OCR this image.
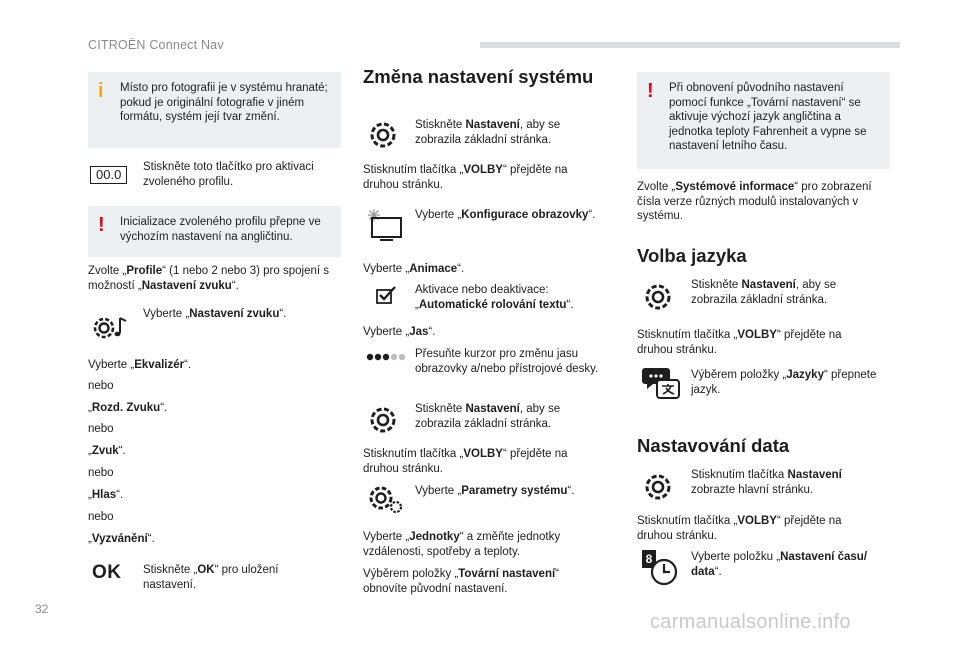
CITROËN Connect Nav
i Místo pro fotografii je v systému hranaté; pokud je originální fotografie v jiném formátu, systém její tvar změní.
00.0	Stiskněte toto tlačítko pro aktivaci zvoleného profilu.

! Inicializace zvoleného profilu přepne ve výchozím nastavení na angličtinu.

Zvolte „Profile“ (1 nebo 2 nebo 3) pro spojení s možností „Nastavení zvuku“.

Vyberte „Nastavení zvuku“.

Vyberte „Ekvalizér“.

nebo

„Rozd. Zvuku“.

nebo

„Zvuk“.

nebo

„Hlas“.

nebo

„Vyzvánění“.

OK Stiskněte „OK“ pro uložení nastavení.

Změna nastavení systému

Stiskněte Nastavení, aby se zobrazila základní stránka.

Stisknutím tlačítka „VOLBY“ přejděte na druhou stránku.

Vyberte „Konfigurace obrazovky“.

Vyberte „Animace“.

Aktivace nebo deaktivace: „Automatické rolování textu“.

Vyberte „Jas“.

Přesuňte kurzor pro změnu jasu obrazovky a/nebo přístrojové desky.

Stiskněte Nastavení, aby se zobrazila základní stránka.

Stisknutím tlačítka „VOLBY“ přejděte na druhou stránku.

Vyberte „Parametry systému“.

Vyberte „Jednotky“ a změňte jednotky vzdálenosti, spotřeby a teploty.

Výběrem položky „Tovární nastavení“ obnovíte původní nastavení.

! Při obnovení původního nastavení pomocí funkce „Tovární nastavení“ se aktivuje výchozí jazyk angličtina a jednotka teploty Fahrenheit a vypne se nastavení letního času.

Zvolte „Systémové informace“ pro zobrazení čísla verze různých modulů instalovaných v systému.

Volba jazyka

Stiskněte Nastavení, aby se zobrazila základní stránka.

Stisknutím tlačítka „VOLBY“ přejděte na druhou stránku.

Výběrem položky „Jazyky“ přepnete jazyk.

Nastavování data

Stisknutím tlačítka Nastavení zobrazte hlavní stránku.

Stisknutím tlačítka „VOLBY“ přejděte na druhou stránku.

8	Vyberte položku „Nastavení času/ data“.

32
carmanualsonline.info
